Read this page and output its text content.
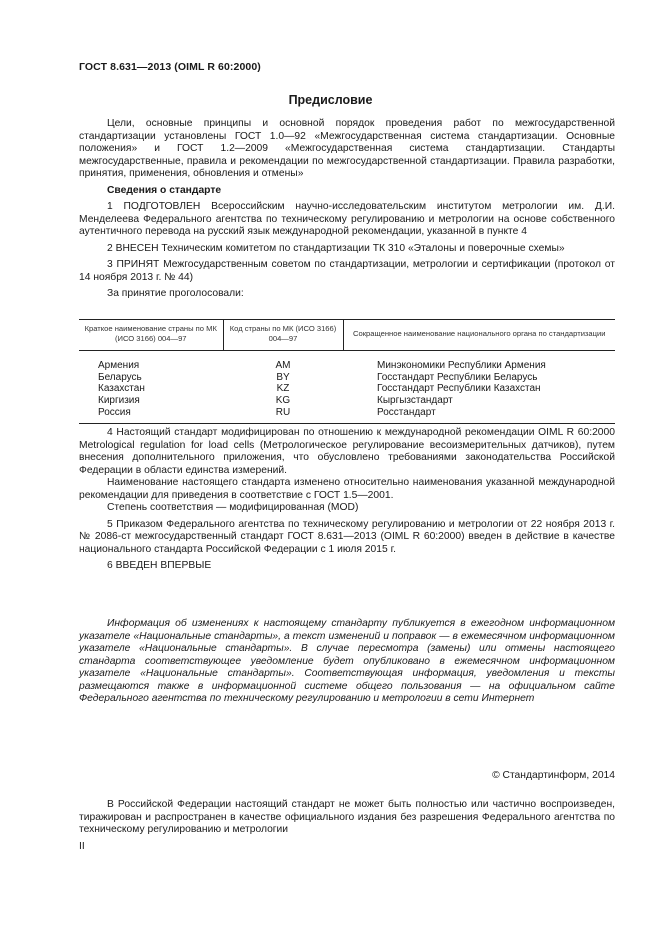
ГОСТ 8.631—2013 (OIML R 60:2000)
Предисловие

Цели, основные принципы и основной порядок проведения работ по межгосударственной стандартизации установлены ГОСТ 1.0—92 «Межгосударственная система стандартизации. Основные положения» и ГОСТ 1.2—2009 «Межгосударственная система стандартизации. Стандарты межгосударственные, правила и рекомендации по межгосударственной стандартизации. Правила разработки, принятия, применения, обновления и отмены»

Сведения о стандарте

1 ПОДГОТОВЛЕН Всероссийским научно-исследовательским институтом метрологии им. Д.И. Менделеева Федерального агентства по техническому регулированию и метрологии на основе собственного аутентичного перевода на русский язык международной рекомендации, указанной в пункте 4

2 ВНЕСЕН Техническим комитетом по стандартизации ТК 310 «Эталоны и поверочные схемы»

3 ПРИНЯТ Межгосударственным советом по стандартизации, метрологии и сертификации (протокол от 14 ноября 2013 г. № 44)

За принятие проголосовали:

Краткое наименование страны по МК (ИСО 3166) 004—97	Код страны по МК (ИСО 3166) 004—97	Сокращенное наименование национального органа по стандартизации
Армения	AM	Минэкономики Республики Армения
Беларусь	BY	Госстандарт Республики Беларусь
Казахстан	KZ	Госстандарт Республики Казахстан
Киргизия	KG	Кыргызстандарт
Россия	RU	Росстандарт

4 Настоящий стандарт модифицирован по отношению к международной рекомендации OIML R 60:2000 Metrological regulation for load cells (Метрологическое регулирование весоизмерительных датчиков), путем внесения дополнительного приложения, что обусловлено требованиями законодательства Российской Федерации в области единства измерений.

Наименование настоящего стандарта изменено относительно наименования указанной международной рекомендации для приведения в соответствие с ГОСТ 1.5—2001.

Степень соответствия — модифицированная (MOD)

5 Приказом Федерального агентства по техническому регулированию и метрологии от 22 ноября 2013 г. № 2086-ст межгосударственный стандарт ГОСТ 8.631—2013 (OIML R 60:2000) введен в действие в качестве национального стандарта Российской Федерации с 1 июля 2015 г.

6 ВВЕДЕН ВПЕРВЫЕ

Информация об изменениях к настоящему стандарту публикуется в ежегодном информационном указателе «Национальные стандарты», а текст изменений и поправок — в ежемесячном информационном указателе «Национальные стандарты». В случае пересмотра (замены) или отмены настоящего стандарта соответствующее уведомление будет опубликовано в ежемесячном информационном указателе «Национальные стандарты». Соответствующая информация, уведомления и тексты размещаются также в информационной системе общего пользования — на официальном сайте Федерального агентства по техническому регулированию и метрологии в сети Интернет

© Стандартинформ, 2014

В Российской Федерации настоящий стандарт не может быть полностью или частично воспроизведен, тиражирован и распространен в качестве официального издания без разрешения Федерального агентства по техническому регулированию и метрологии

II
